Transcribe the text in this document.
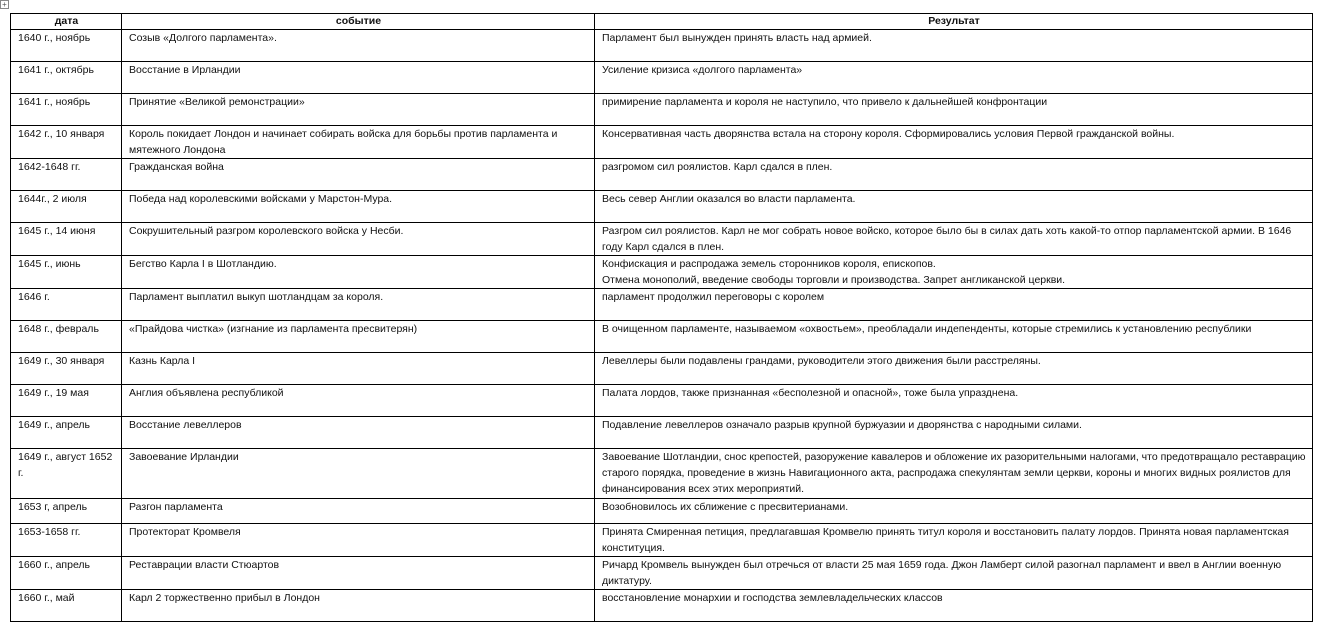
+
дата	событие	Результат
1640 г., ноябрь	Созыв «Долгого парламента».	Парламент был вынужден принять власть над армией.

1641 г., октябрь	Восстание в Ирландии	Усиление кризиса «долгого парламента»

1641 г., ноябрь	Принятие «Великой ремонстрации»	примирение парламента и короля не наступило, что привело к дальнейшей конфронтации

1642 г., 10 января	Король покидает Лондон и начинает собирать войска для борьбы против парламента и мятежного Лондона	Консервативная часть дворянства встала на сторону короля. Сформировались условия Первой гражданской войны.

1642-1648 гг.	Гражданская война	разгромом сил роялистов. Карл сдался в плен.

1644г., 2 июля	Победа над королевскими войсками у Марстон-Мура.	Весь север Англии оказался во власти парламента.

1645 г., 14 июня	Сокрушительный разгром королевского войска у Несби.	Разгром сил роялистов. Карл не мог собрать новое войско, которое было бы в силах дать хоть какой-то отпор парламентской армии. В 1646 году Карл сдался в плен.

1645 г., июнь	Бегство Карла I в Шотландию.	Конфискация и распродажа земель сторонников короля, епископов.
Отмена монополий, введение свободы торговли и производства. Запрет англиканской церкви.

1646 г.	Парламент выплатил выкуп шотландцам за короля.	парламент продолжил переговоры с королем

1648 г., февраль	«Прайдова чистка» (изгнание из парламента пресвитерян)	В очищенном парламенте, называемом «охвостьем», преобладали индепенденты, которые стремились к установлению республики

1649 г., 30 января	Казнь Карла I	Левеллеры были подавлены грандами, руководители этого движения были расстреляны.

1649 г., 19 мая	Англия объявлена республикой	Палата лордов, также признанная «бесполезной и опасной», тоже была упразднена.

1649 г., апрель	Восстание левеллеров	Подавление левеллеров означало разрыв крупной буржуазии и дворянства с народными силами.

1649 г., август 1652 г.	Завоевание Ирландии	Завоевание Шотландии, снос крепостей, разоружение кавалеров и обложение их разорительными налогами, что предотвращало реставрацию старого порядка, проведение в жизнь Навигационного акта, распродажа спекулянтам земли церкви, короны и многих видных роялистов для финансирования всех этих мероприятий.

1653 г, апрель	Разгон парламента	Возобновилось их сближение с пресвитерианами.

1653-1658 гг.	Протекторат Кромвеля	Принята Смиренная петиция, предлагавшая Кромвелю принять титул короля и восстановить палату лордов. Принята новая парламентская конституция.

1660 г., апрель	Реставрации власти Стюартов	Ричард Кромвель вынужден был отречься от власти 25 мая 1659 года. Джон Ламберт силой разогнал парламент и ввел в Англии военную диктатуру.

1660 г., май	Карл 2 торжественно прибыл в Лондон	восстановление монархии и господства землевладельческих классов
